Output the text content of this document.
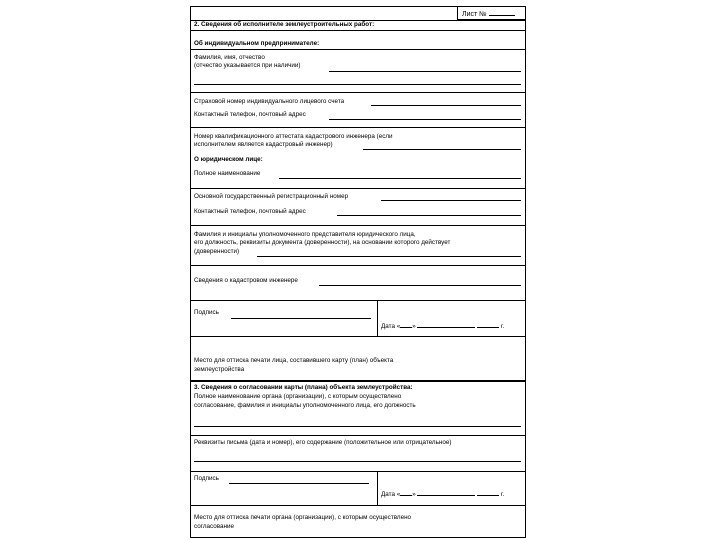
Лист №
2. Сведения об исполнителе землеустроительных работ:
Об индивидуальном предпринимателе:
Фамилия, имя, отчество
(отчество указывается при наличии)
Страховой номер индивидуального лицевого счета
Контактный телефон, почтовый адрес
Номер квалификационного аттестата кадастрового инженера (если
исполнителем является кадастровый инженер)
О юридическом лице:
Полное наименование
Основной государственный регистрационный номер
Контактный телефон, почтовый адрес
Фамилия и инициалы уполномоченного представителя юридического лица,
его должность, реквизиты документа (доверенности), на основании которого действует
(доверенности)
Сведения о кадастровом инженере
Подпись
Дата « »	г.
Место для оттиска печати лица, составившего карту (план) объекта
землеустройства
3. Сведения о согласовании карты (плана) объекта землеустройства:
Полное наименование органа (организации), с которым осуществлено
согласование, фамилия и инициалы уполномоченного лица, его должность
Реквизиты письма (дата и номер), его содержание (положительное или отрицательное)
Подпись
Дата « »	г.
Место для оттиска печати органа (организации), с которым осуществлено
согласование
